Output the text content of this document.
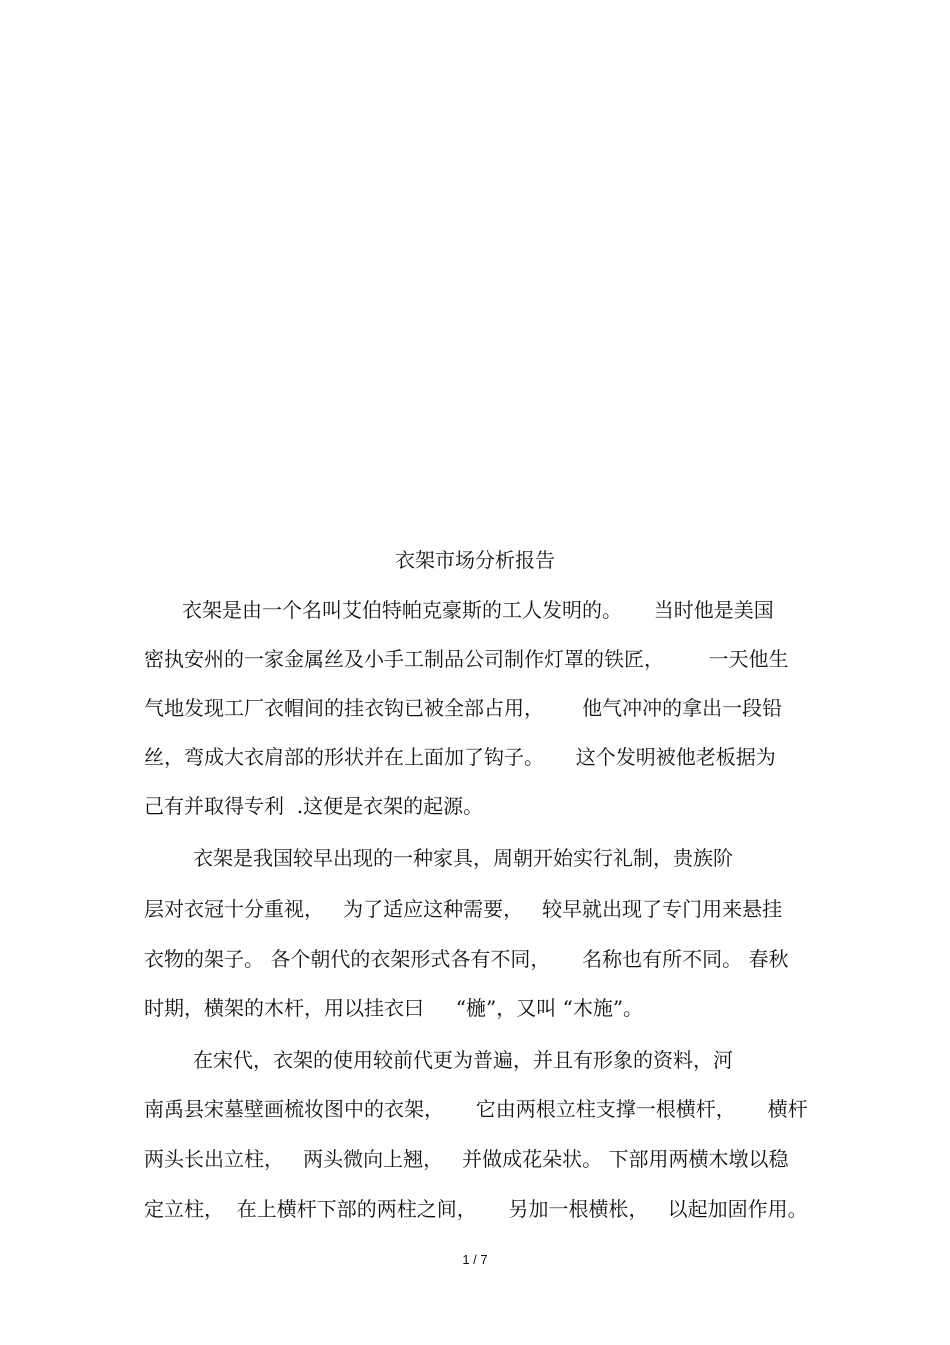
衣架市场分析报告

衣架是由一个名叫艾伯特帕克豪斯的工人发明的。     当时他是美国

密执安州的一家金属丝及小手工制品公司制作灯罩的铁匠，       一天他生

气地发现工厂衣帽间的挂衣钩已被全部占用，      他气冲冲的拿出一段铅

丝，弯成大衣肩部的形状并在上面加了钩子。     这个发明被他老板据为

己有并取得专利  .这便是衣架的起源。

衣架是我国较早出现的一种家具，周朝开始实行礼制，贵族阶

层对衣冠十分重视，   为了适应这种需要，   较早就出现了专门用来悬挂

衣物的架子。 各个朝代的衣架形式各有不同，     名称也有所不同。 春秋

时期，横架的木杆，用以挂衣曰     “椸”，又叫 “木施”。

在宋代，衣架的使用较前代更为普遍，并且有形象的资料，河

南禹县宋墓壁画梳妆图中的衣架，     它由两根立柱支撑一根横杆，     横杆

两头长出立柱，   两头微向上翘，   并做成花朵状。 下部用两横木墩以稳

定立柱，  在上横杆下部的两柱之间，     另加一根横枨，   以起加固作用。

1 / 7
